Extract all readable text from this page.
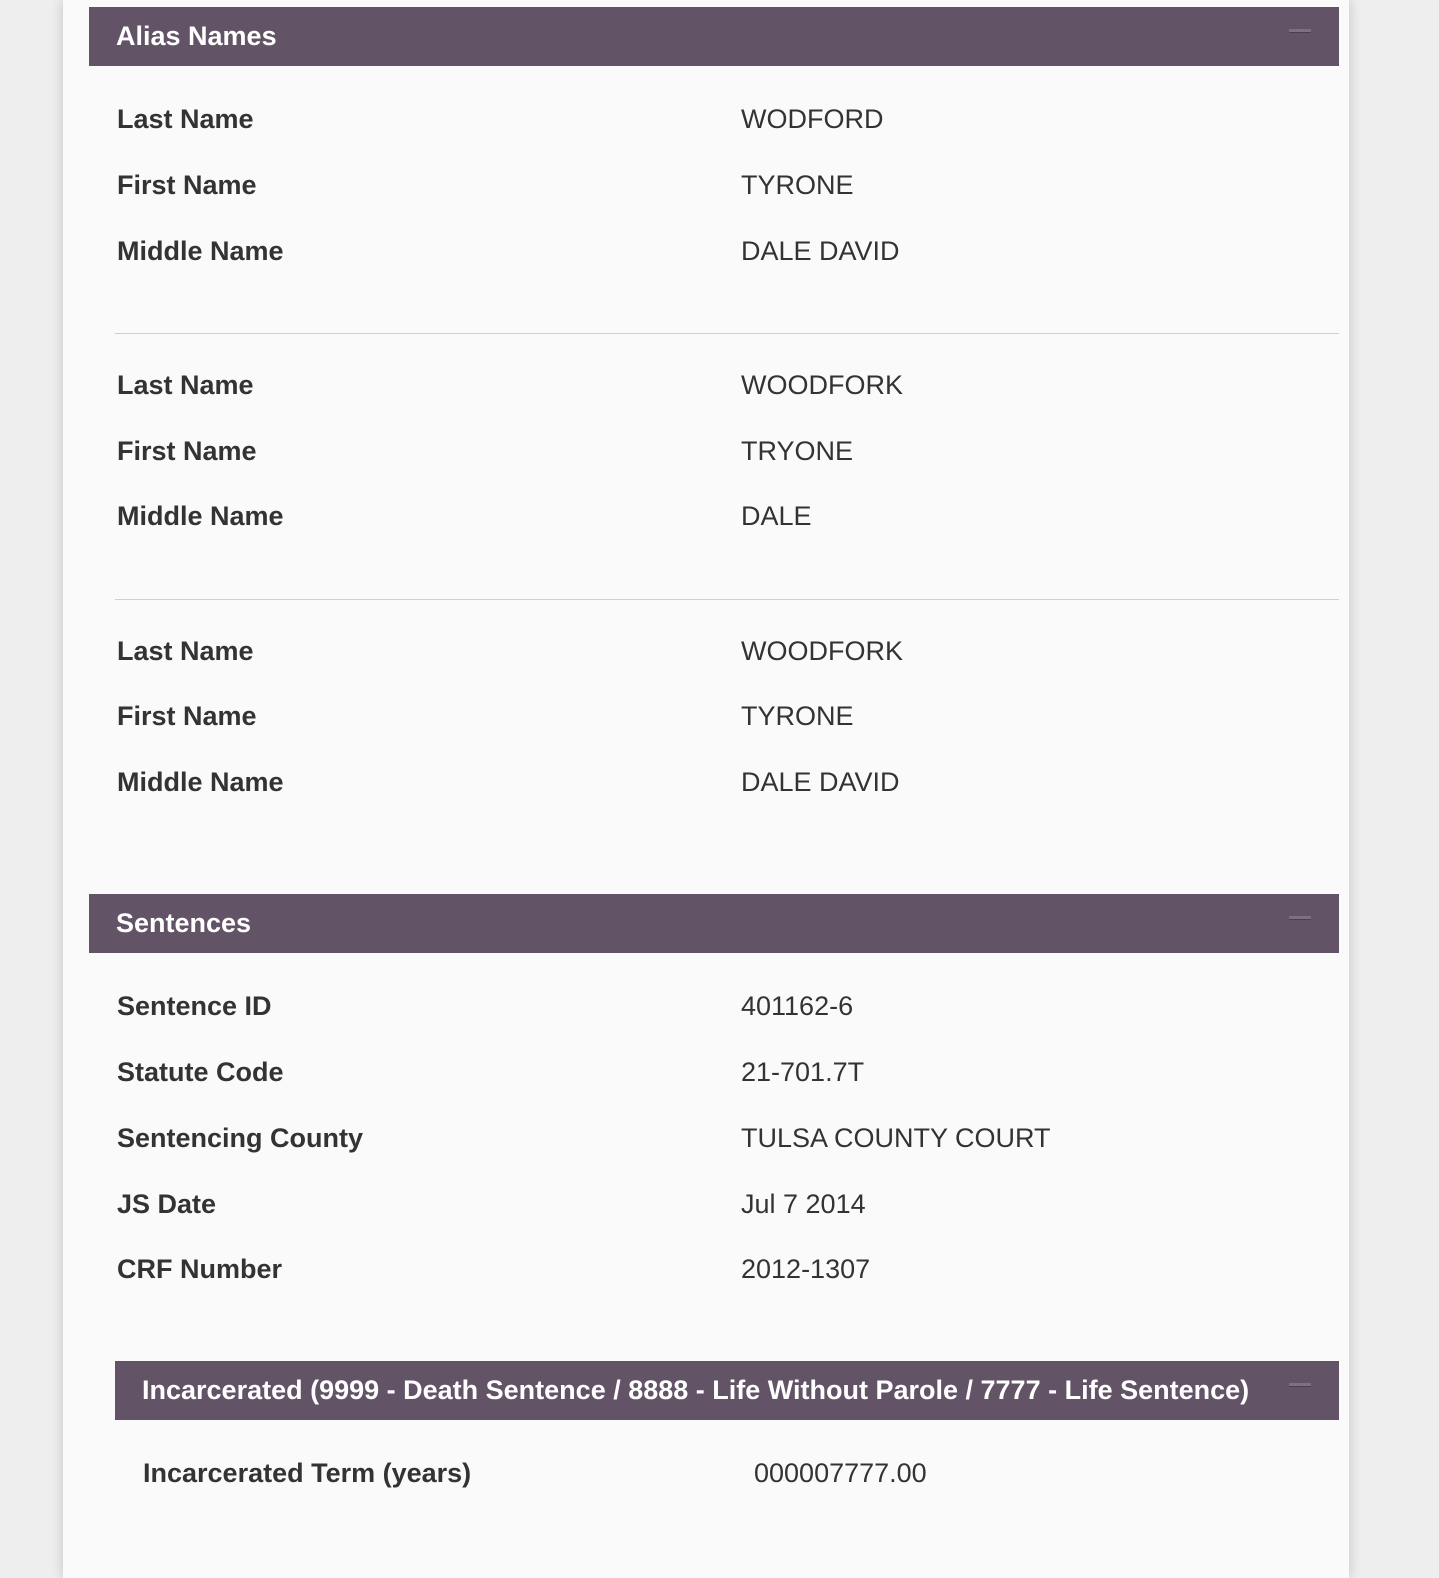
Alias Names
Last Name	WODFORD
First Name	TYRONE
Middle Name	DALE DAVID
Last Name	WOODFORK
First Name	TRYONE
Middle Name	DALE
Last Name	WOODFORK
First Name	TYRONE
Middle Name	DALE DAVID
Sentences
Sentence ID	401162-6
Statute Code	21-701.7T
Sentencing County	TULSA COUNTY COURT
JS Date	Jul 7 2014
CRF Number	2012-1307
Incarcerated (9999 - Death Sentence / 8888 - Life Without Parole / 7777 - Life Sentence)
Incarcerated Term (years)	000007777.00
